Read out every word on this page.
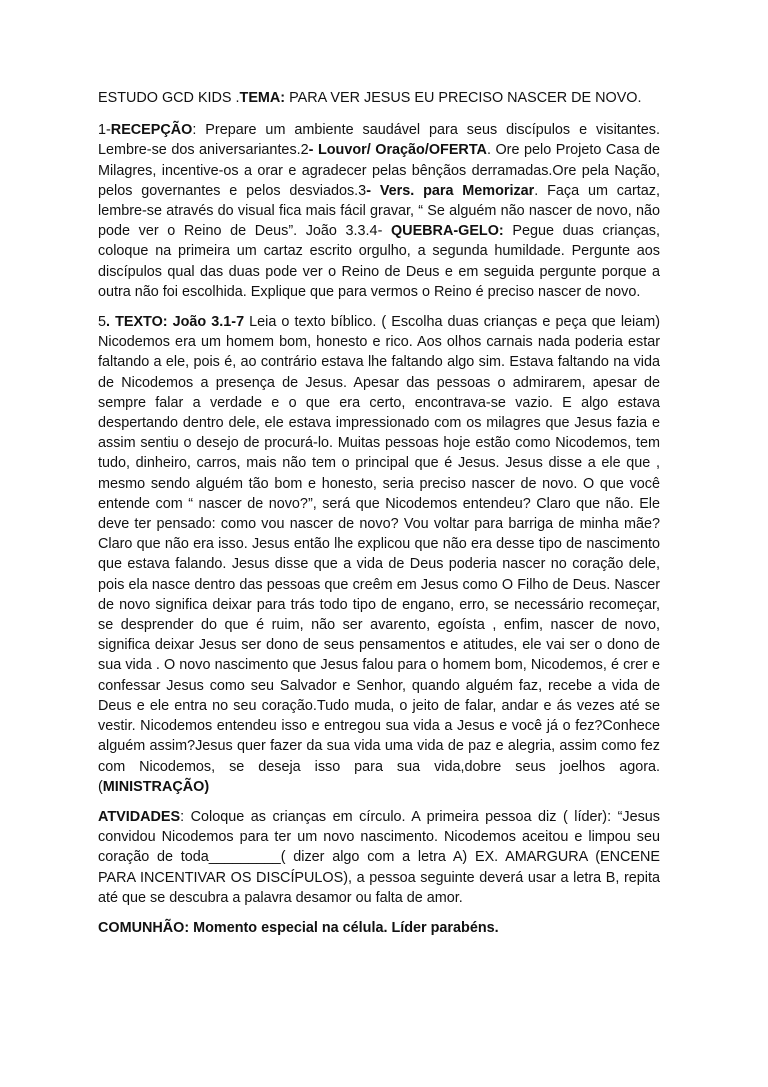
ESTUDO GCD KIDS .TEMA: PARA VER JESUS EU PRECISO NASCER DE NOVO.

1-RECEPÇÃO: Prepare um ambiente saudável para seus discípulos e visitantes. Lembre-se dos aniversariantes.2- Louvor/ Oração/OFERTA. Ore pelo Projeto Casa de Milagres, incentive-os a orar e agradecer pelas bênçãos derramadas.Ore pela Nação, pelos governantes e pelos desviados.3- Vers. para Memorizar. Faça um cartaz, lembre-se através do visual fica mais fácil gravar, “ Se alguém não nascer de novo, não pode ver o Reino de Deus”. João 3.3.4- QUEBRA-GELO: Pegue duas crianças, coloque na primeira um cartaz escrito orgulho, a segunda humildade. Pergunte aos discípulos qual das duas pode ver o Reino de Deus e em seguida pergunte porque a outra não foi escolhida. Explique que para vermos o Reino é preciso nascer de novo.

5. TEXTO: João 3.1-7 Leia o texto bíblico. ( Escolha duas crianças e peça que leiam) Nicodemos era um homem bom, honesto e rico. Aos olhos carnais nada poderia estar faltando a ele, pois é, ao contrário estava lhe faltando algo sim. Estava faltando na vida de Nicodemos a presença de Jesus. Apesar das pessoas o admirarem, apesar de sempre falar a verdade e o que era certo, encontrava-se vazio. E algo estava despertando dentro dele, ele estava impressionado com os milagres que Jesus fazia e assim sentiu o desejo de procurá-lo. Muitas pessoas hoje estão como Nicodemos, tem tudo, dinheiro, carros, mais não tem o principal que é Jesus. Jesus disse a ele que , mesmo sendo alguém tão bom e honesto, seria preciso nascer de novo. O que você entende com “ nascer de novo?”, será que Nicodemos entendeu? Claro que não. Ele deve ter pensado: como vou nascer de novo? Vou voltar para barriga de minha mãe? Claro que não era isso. Jesus então lhe explicou que não era desse tipo de nascimento que estava falando. Jesus disse que a vida de Deus poderia nascer no coração dele, pois ela nasce dentro das pessoas que creêm em Jesus como O Filho de Deus. Nascer de novo significa deixar para trás todo tipo de engano, erro, se necessário recomeçar, se desprender do que é ruim, não ser avarento, egoísta , enfim, nascer de novo, significa deixar Jesus ser dono de seus pensamentos e atitudes, ele vai ser o dono de sua vida . O novo nascimento que Jesus falou para o homem bom, Nicodemos, é crer e confessar Jesus como seu Salvador e Senhor, quando alguém faz, recebe a vida de Deus e ele entra no seu coração.Tudo muda, o jeito de falar, andar e ás vezes até se vestir. Nicodemos entendeu isso e entregou sua vida a Jesus e você já o fez?Conhece alguém assim?Jesus quer fazer da sua vida uma vida de paz e alegria, assim como fez com Nicodemos, se deseja isso para sua vida,dobre seus joelhos agora.(MINISTRAÇÃO)

ATVIDADES: Coloque as crianças em círculo. A primeira pessoa diz ( líder): “Jesus convidou Nicodemos para ter um novo nascimento. Nicodemos aceitou e limpou seu coração de toda_________( dizer algo com a letra A) EX. AMARGURA (ENCENE PARA INCENTIVAR OS DISCÍPULOS), a pessoa seguinte deverá usar a letra B, repita até que se descubra a palavra desamor ou falta de amor.

COMUNHÃO: Momento especial na célula. Líder parabéns.
